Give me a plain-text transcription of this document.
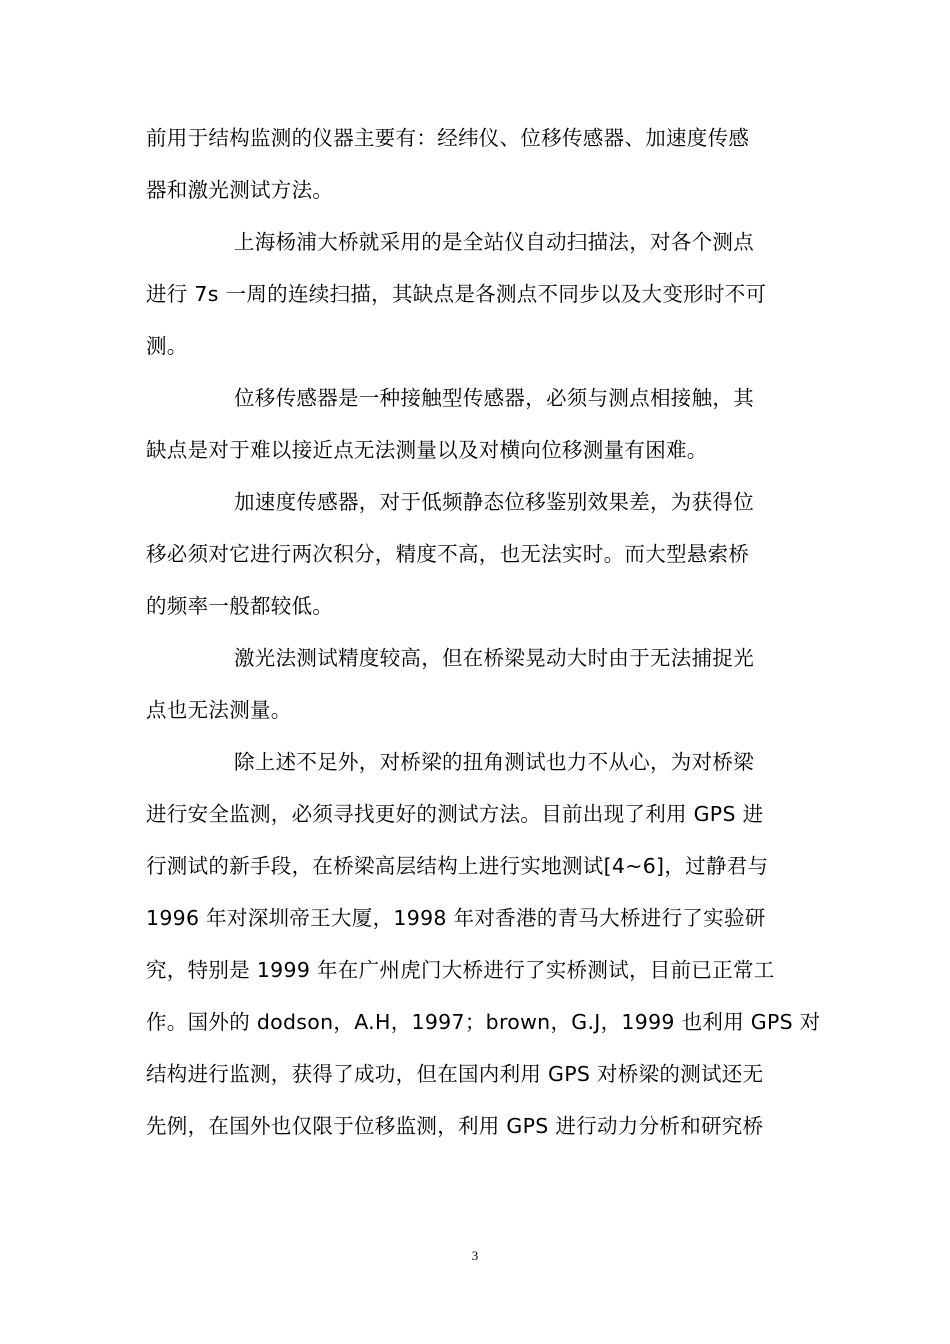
前用于结构监测的仪器主要有：经纬仪、位移传感器、加速度传感
器和激光测试方法。
上海杨浦大桥就采用的是全站仪自动扫描法，对各个测点
进行 7s 一周的连续扫描，其缺点是各测点不同步以及大变形时不可
测。
位移传感器是一种接触型传感器，必须与测点相接触，其
缺点是对于难以接近点无法测量以及对横向位移测量有困难。
加速度传感器，对于低频静态位移鉴别效果差，为获得位
移必须对它进行两次积分，精度不高，也无法实时。而大型悬索桥
的频率一般都较低。
激光法测试精度较高，但在桥梁晃动大时由于无法捕捉光
点也无法测量。
除上述不足外，对桥梁的扭角测试也力不从心，为对桥梁
进行安全监测，必须寻找更好的测试方法。目前出现了利用 GPS 进
行测试的新手段，在桥梁高层结构上进行实地测试[4~6]，过静君与
1996 年对深圳帝王大厦，1998 年对香港的青马大桥进行了实验研
究，特别是 1999 年在广州虎门大桥进行了实桥测试，目前已正常工
作。国外的 dodson，A.H，1997；brown，G.J，1999 也利用 GPS 对
结构进行监测，获得了成功，但在国内利用 GPS 对桥梁的测试还无
先例，在国外也仅限于位移监测，利用 GPS 进行动力分析和研究桥
3
